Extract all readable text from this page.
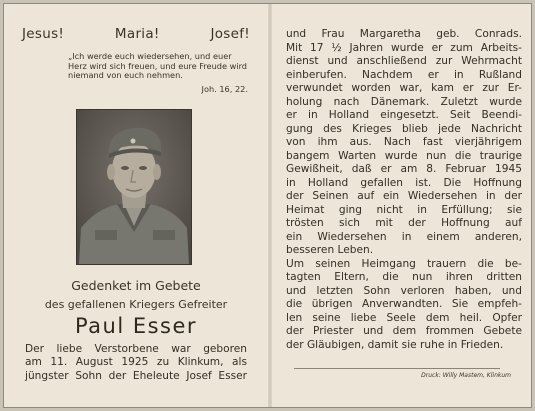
Jesus!	Maria!	Josef!
„Ich werde euch wiedersehen, und euer Herz wird sich freuen, und eure Freude wird niemand von euch nehmen.
Joh. 16, 22.
Gedenket im Gebete
des gefallenen Kriegers Gefreiter
Paul Esser
Der liebe Verstorbene war geboren
am 11. August 1925 zu Klinkum, als
jüngster Sohn der Eheleute Josef Esser
und Frau Margaretha geb. Conrads.
Mit 17 ½ Jahren wurde er zum Arbeits-
dienst und anschließend zur Wehrmacht
einberufen. Nachdem er in Rußland
verwundet worden war, kam er zur Er-
holung nach Dänemark. Zuletzt wurde
er in Holland eingesetzt. Seit Beendi-
gung des Krieges blieb jede Nachricht
von ihm aus. Nach fast vierjährigem
bangem Warten wurde nun die traurige
Gewißheit, daß er am 8. Februar 1945
in Holland gefallen ist. Die Hoffnung
der Seinen auf ein Wiedersehen in der
Heimat ging nicht in Erfüllung; sie
trösten sich mit der Hoffnung auf
ein Wiedersehen in einem anderen,
besseren Leben.
Um seinen Heimgang trauern die be-
tagten Eltern, die nun ihren dritten
und letzten Sohn verloren haben, und
die übrigen Anverwandten. Sie empfeh-
len seine liebe Seele dem heil. Opfer
der Priester und dem frommen Gebete
der Gläubigen, damit sie ruhe in Frieden.
Druck: Willy Mastem, Klinkum
